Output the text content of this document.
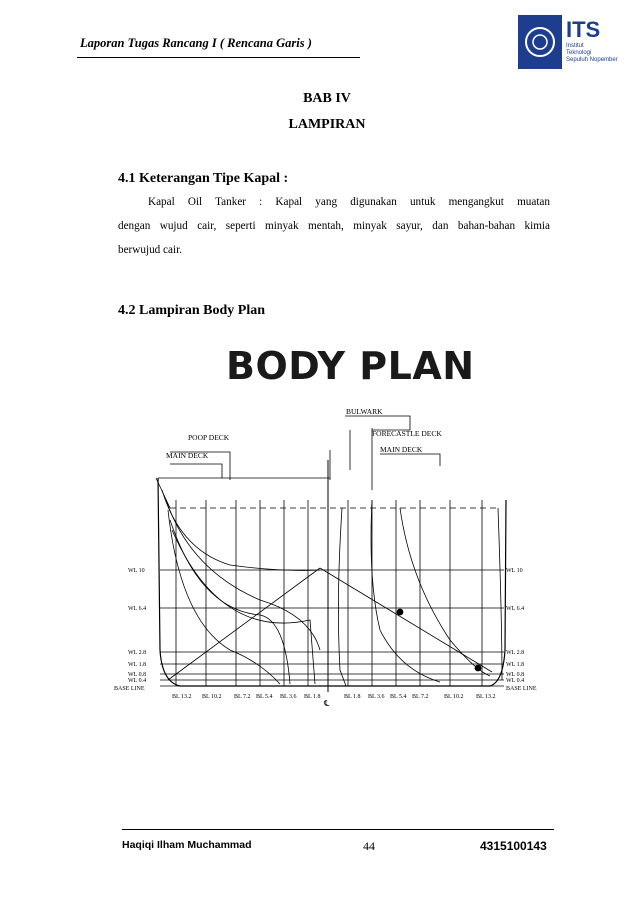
Laporan Tugas Rancang I ( Rencana Garis )
ITS
Institut
Teknologi
Sepuluh Nopember
BAB IV
LAMPIRAN
4.1 Keterangan Tipe Kapal :
Kapal Oil Tanker : Kapal yang digunakan untuk mengangkut muatan
dengan wujud cair, seperti minyak mentah, minyak sayur, dan bahan-bahan kimia
berwujud cair.
4.2 Lampiran Body Plan
BODY PLAN
BULWARK
FORECASTLE DECK
MAIN DECK
POOP DECK
MAIN DECK
WL 10
WL 6.4
WL 2.8
WL 1.8
WL 0.8
WL 0.4
BASE LINE
WL 10
WL 6.4
WL 2.8
WL 1.8
WL 0.8
WL 0.4
BASE LINE
BL 13.2 BL 10.2 BL 7.2 BL 5.4 BL 3.6 BL 1.8
℄
BL 1.8 BL 3.6 BL 5.4 BL 7.2	BL 10.2 BL 13.2
Haqiqi Ilham Muchammad	44	4315100143
